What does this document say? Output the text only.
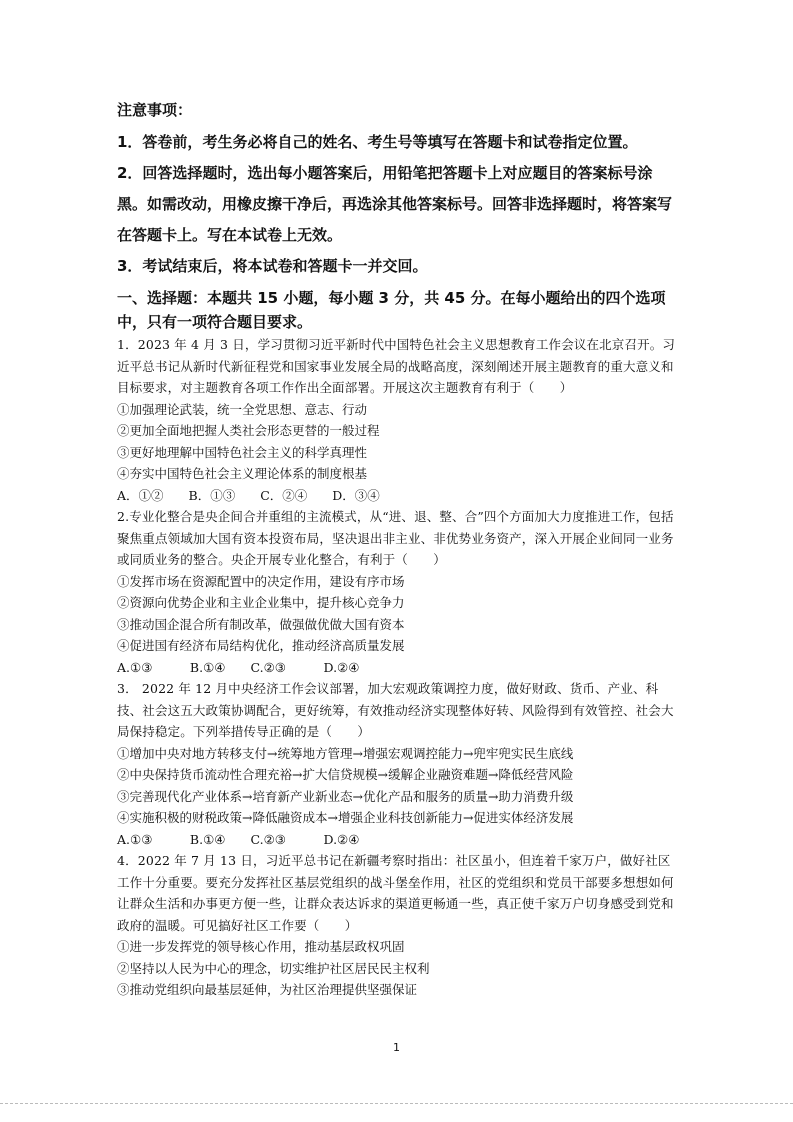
注意事项：

1．答卷前，考生务必将自己的姓名、考生号等填写在答题卡和试卷指定位置。

2．回答选择题时，选出每小题答案后，用铅笔把答题卡上对应题目的答案标号涂黑。如需改动，用橡皮擦干净后，再选涂其他答案标号。回答非选择题时，将答案写在答题卡上。写在本试卷上无效。

3．考试结束后，将本试卷和答题卡一并交回。

一、选择题：本题共 15 小题，每小题 3 分，共 45 分。在每小题给出的四个选项中，只有一项符合题目要求。

1．2023 年 4 月 3 日，学习贯彻习近平新时代中国特色社会主义思想教育工作会议在北京召开。习近平总书记从新时代新征程党和国家事业发展全局的战略高度，深刻阐述开展主题教育的重大意义和目标要求，对主题教育各项工作作出全面部署。开展这次主题教育有利于（　　）

①加强理论武装，统一全党思想、意志、行动

②更加全面地把握人类社会形态更替的一般过程

③更好地理解中国特色社会主义的科学真理性

④夯实中国特色社会主义理论体系的制度根基

A．①②　　B．①③　　C．②④　　D．③④

2.专业化整合是央企间合并重组的主流模式，从“进、退、整、合”四个方面加大力度推进工作，包括聚焦重点领域加大国有资本投资布局，坚决退出非主业、非优势业务资产，深入开展企业间同一业务或同质业务的整合。央企开展专业化整合，有利于（　　）

①发挥市场在资源配置中的决定作用，建设有序市场

②资源向优势企业和主业企业集中，提升核心竞争力

③推动国企混合所有制改革，做强做优做大国有资本

④促进国有经济布局结构优化，推动经济高质量发展

A.①③　　　B.①④　　C.②③　　　D.②④

3． 2022 年 12 月中央经济工作会议部署，加大宏观政策调控力度，做好财政、货币、产业、科技、社会这五大政策协调配合，更好统筹，有效推动经济实现整体好转、风险得到有效管控、社会大局保持稳定。下列举措传导正确的是（　　）

①增加中央对地方转移支付→统筹地方管理→增强宏观调控能力→兜牢兜实民生底线

②中央保持货币流动性合理充裕→扩大信贷规模→缓解企业融资难题→降低经营风险

③完善现代化产业体系→培育新产业新业态→优化产品和服务的质量→助力消费升级

④实施积极的财税政策→降低融资成本→增强企业科技创新能力→促进实体经济发展

A.①③　　　B.①④　　C.②③　　　D.②④

4．2022 年 7 月 13 日，习近平总书记在新疆考察时指出：社区虽小，但连着千家万户，做好社区工作十分重要。要充分发挥社区基层党组织的战斗堡垒作用，社区的党组织和党员干部要多想想如何让群众生活和办事更方便一些，让群众表达诉求的渠道更畅通一些，真正使千家万户切身感受到党和政府的温暖。可见搞好社区工作要（　　）

①进一步发挥党的领导核心作用，推动基层政权巩固

②坚持以人民为中心的理念，切实维护社区居民民主权利

③推动党组织向最基层延伸，为社区治理提供坚强保证

1
